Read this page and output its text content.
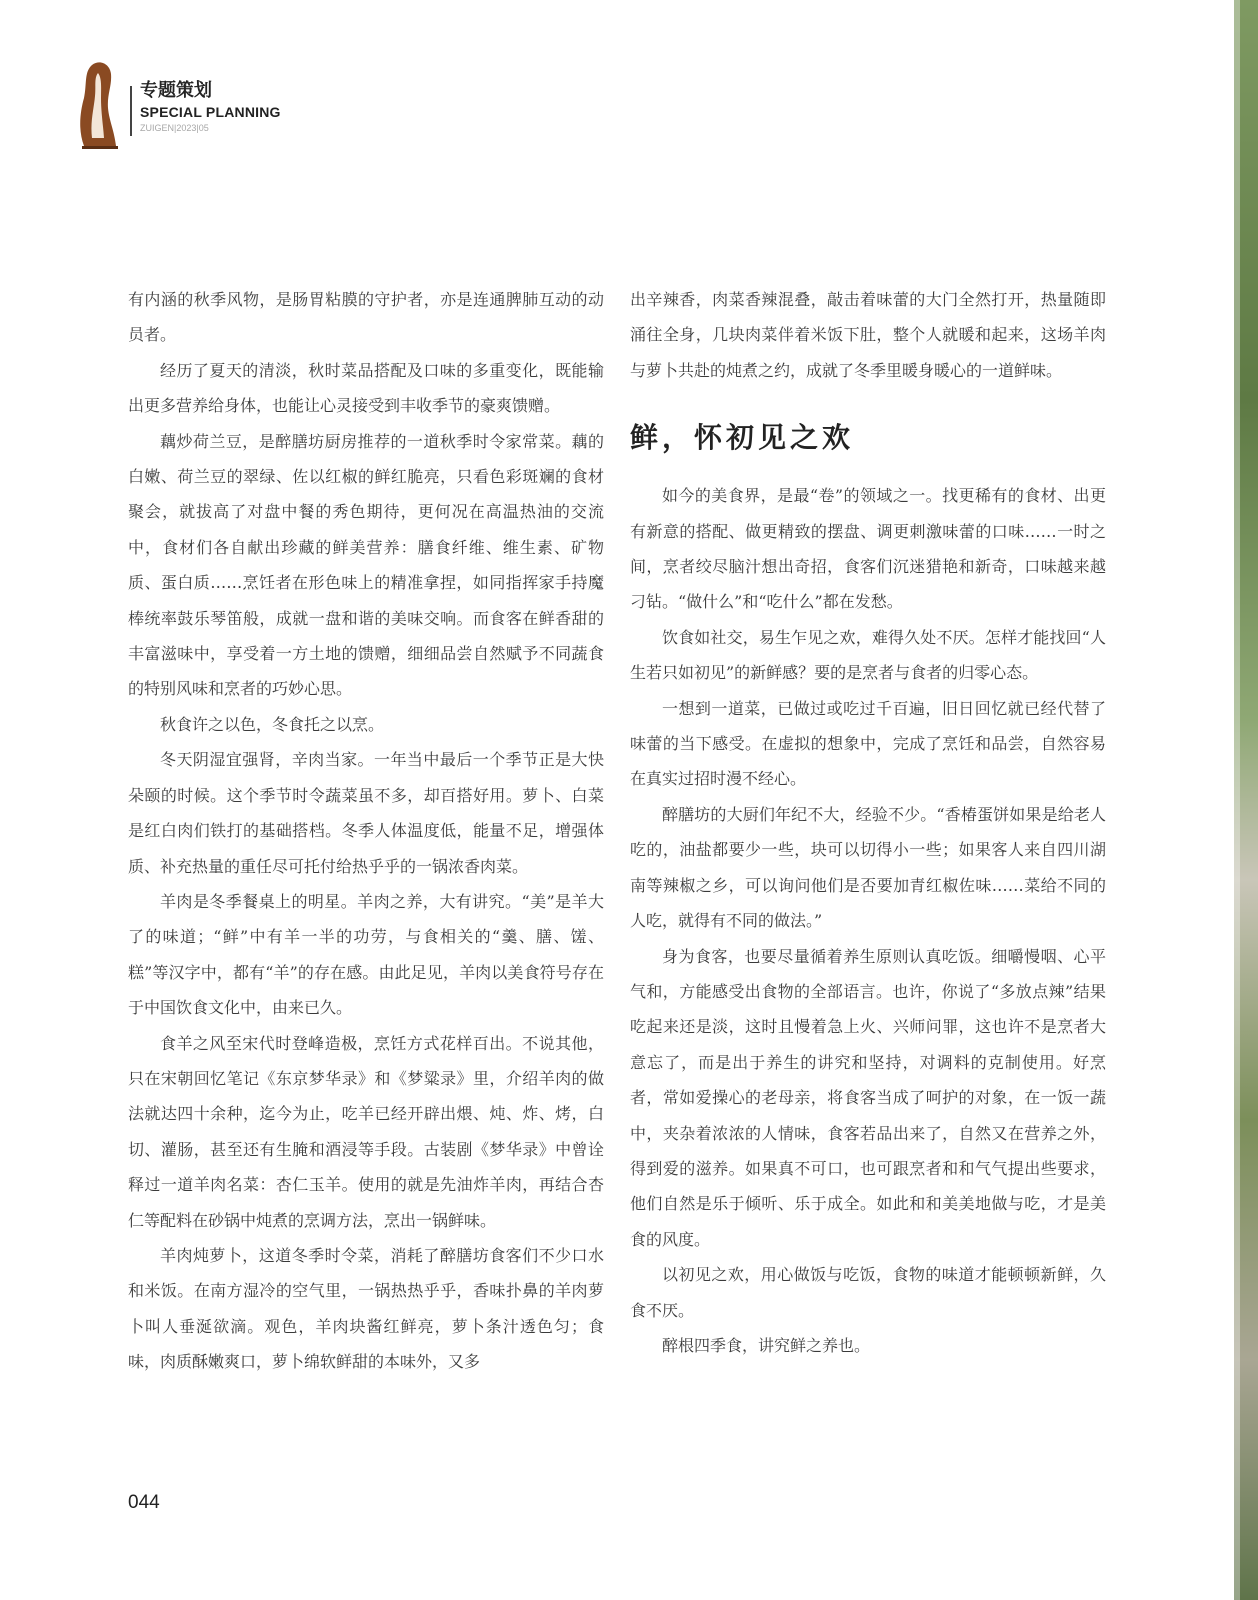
专题策划
SPECIAL PLANNING
ZUIGEN|2023|05

有内涵的秋季风物，是肠胃粘膜的守护者，亦是连通脾肺互动的动员者。

经历了夏天的清淡，秋时菜品搭配及口味的多重变化，既能输出更多营养给身体，也能让心灵接受到丰收季节的豪爽馈赠。

藕炒荷兰豆，是醉膳坊厨房推荐的一道秋季时令家常菜。藕的白嫩、荷兰豆的翠绿、佐以红椒的鲜红脆亮，只看色彩斑斓的食材聚会，就拔高了对盘中餐的秀色期待，更何况在高温热油的交流中，食材们各自献出珍藏的鲜美营养：膳食纤维、维生素、矿物质、蛋白质……烹饪者在形色味上的精准拿捏，如同指挥家手持魔棒统率鼓乐琴笛般，成就一盘和谐的美味交响。而食客在鲜香甜的丰富滋味中，享受着一方土地的馈赠，细细品尝自然赋予不同蔬食的特别风味和烹者的巧妙心思。

秋食许之以色，冬食托之以烹。

冬天阴湿宜强肾，辛肉当家。一年当中最后一个季节正是大快朵颐的时候。这个季节时令蔬菜虽不多，却百搭好用。萝卜、白菜是红白肉们铁打的基础搭档。冬季人体温度低，能量不足，增强体质、补充热量的重任尽可托付给热乎乎的一锅浓香肉菜。

羊肉是冬季餐桌上的明星。羊肉之养，大有讲究。“美”是羊大了的味道；“鲜”中有羊一半的功劳，与食相关的“羹、膳、馐、糕”等汉字中，都有“羊”的存在感。由此足见，羊肉以美食符号存在于中国饮食文化中，由来已久。

食羊之风至宋代时登峰造极，烹饪方式花样百出。不说其他，只在宋朝回忆笔记《东京梦华录》和《梦粱录》里，介绍羊肉的做法就达四十余种，迄今为止，吃羊已经开辟出煨、炖、炸、烤，白切、灌肠，甚至还有生腌和酒浸等手段。古装剧《梦华录》中曾诠释过一道羊肉名菜：杏仁玉羊。使用的就是先油炸羊肉，再结合杏仁等配料在砂锅中炖煮的烹调方法，烹出一锅鲜味。

羊肉炖萝卜，这道冬季时令菜，消耗了醉膳坊食客们不少口水和米饭。在南方湿冷的空气里，一锅热热乎乎，香味扑鼻的羊肉萝卜叫人垂涎欲滴。观色，羊肉块酱红鲜亮，萝卜条汁透色匀；食味，肉质酥嫩爽口，萝卜绵软鲜甜的本味外，又多

出辛辣香，肉菜香辣混叠，敲击着味蕾的大门全然打开，热量随即涌往全身，几块肉菜伴着米饭下肚，整个人就暖和起来，这场羊肉与萝卜共赴的炖煮之约，成就了冬季里暖身暖心的一道鲜味。

鲜，怀初见之欢

如今的美食界，是最“卷”的领域之一。找更稀有的食材、出更有新意的搭配、做更精致的摆盘、调更刺激味蕾的口味……一时之间，烹者绞尽脑汁想出奇招，食客们沉迷猎艳和新奇，口味越来越刁钻。“做什么”和“吃什么”都在发愁。

饮食如社交，易生乍见之欢，难得久处不厌。怎样才能找回“人生若只如初见”的新鲜感？要的是烹者与食者的归零心态。

一想到一道菜，已做过或吃过千百遍，旧日回忆就已经代替了味蕾的当下感受。在虚拟的想象中，完成了烹饪和品尝，自然容易在真实过招时漫不经心。

醉膳坊的大厨们年纪不大，经验不少。“香椿蛋饼如果是给老人吃的，油盐都要少一些，块可以切得小一些；如果客人来自四川湖南等辣椒之乡，可以询问他们是否要加青红椒佐味……菜给不同的人吃，就得有不同的做法。”

身为食客，也要尽量循着养生原则认真吃饭。细嚼慢咽、心平气和，方能感受出食物的全部语言。也许，你说了“多放点辣”结果吃起来还是淡，这时且慢着急上火、兴师问罪，这也许不是烹者大意忘了，而是出于养生的讲究和坚持，对调料的克制使用。好烹者，常如爱操心的老母亲，将食客当成了呵护的对象，在一饭一蔬中，夹杂着浓浓的人情味，食客若品出来了，自然又在营养之外，得到爱的滋养。如果真不可口，也可跟烹者和和气气提出些要求，他们自然是乐于倾听、乐于成全。如此和和美美地做与吃，才是美食的风度。

以初见之欢，用心做饭与吃饭，食物的味道才能顿顿新鲜，久食不厌。

醉根四季食，讲究鲜之养也。

044
